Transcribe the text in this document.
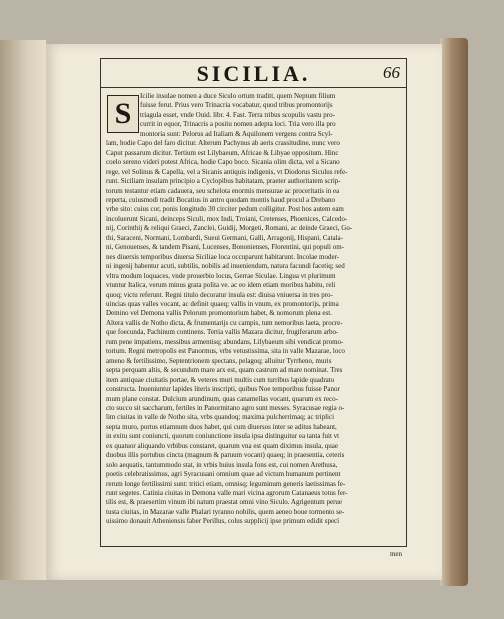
SICILIA.	66
S
Icilie insulae nomen a duce Siculo ortum traditt, quem Neptum filium
fuisse ferut. Prius vero Trinacria vocabatur, quod tribus promontorijs
triagula esset, vnde Ouid. libr. 4. Fast. Terra tribus scopulis vastu pro-
currit in equor, Trinacris a positu nomen adepta loci. Tria vero illa pro
montoria sunt: Pelorus ad Italiam & Aquilonem vergens contra Scyl-
lam, hodie Capo del faro dicitur. Alterum Pachynus ab aeris crassitudine, nunc vero
Caput passarum dicitur. Tertium est Lilybaeum, Africae & Libyae oppositum. Hinc
coelo sereno videri potest Africa, hodie Capo boco. Sicania olim dicta, vel a Sicano
rege, vel Solinus & Capella, vel a Sicanis antiquis indigenis, vt Diodorus Siculus refe-
runt. Siciliam insulam principio a Cyclopibus habitatam, praeter authoritatem scrip-
torum testantur etiam cadauera, seu schelota enormis mensurae ac proceritatis in ea
reperta, cuiusmodi tradit Bocatius in antro quodam montis haud procul a Drebano
vrbe sito: cuius cor, ponis longitudo 30 circiter pedum colligitur. Post hos autem eam
incoluerunt Sicani, deinceps Siculi, mox Indi, Troiani, Cretenses, Phoenices, Calcedo-
nij, Corinthij & reliqui Graeci, Zanclei, Guidij, Morgeti, Romani, ac deinde Graeci, Go-
thi, Saraceni, Normani, Lombardi, Sueui Germani, Galli, Arragonij, Hispani, Catala-
ni, Genouenses, & tandem Pisani, Lucenses, Bononienses, Florentini, qui populi om-
nes diuersis temporibus diuersa Siciliae loca occuparunt habitarunt. Incolae moder-
ni ingenij habentur acuti, subtilis, nobilis ad inueniendum, natura facundi facetiq; sed
vltra modum loquaces, vnde prouerbio locus, Gerrae Siculae. Lingua vt plurimum
vtuntur Italica, verum minus grata polita ve. ac eo idem etiam moribus habitu, reli
quoq; victu referunt. Regni titulo decoratur insula est: diuisa vniuersa in tres pro-
uincias quas valles vocant, ac definit quaeq; vallis in vnum, ex promontorijs, prima
Demino vel Demona vallis Pelorum promontorium habet, & nomorum plena est.
Altera vallis de Notho dicta, & frumentarijs cu campis, tum nemoribus laeta, procre-
que foecunda, Pachinum continens. Tertia vallis Mazara dicitur, frugiferarum arbo-
rum pene impatiens, messibus armentisq; abundans, Lilybaeum sibi vendicat promo-
torium. Regni metropolis est Panormus, vrbs vetustissima, sita in valle Mazarae, loco
ameno & fertilissimo, Septentrionem spectans, pelagoq; alluitur Tyrrheno, muris
septa perquam altis, & secundum mare arx est, quam castrum ad mare nominat. Tres
item antiquae ciuitatis portae, & veteres muri multis cum turribus lapide quadrato
constructa. Inueniuntur lapides literis inscripti, quibus Noe temporibus fuisse Panor
mum plane constat. Dulcium arundinum, quas canamellas vocant, quarum ex reco-
cto succo sit saccharum, fertiles in Panormitano agro sunt messes. Syracusae regia o-
lim ciuitas in valle de Notho sita, vrbs quandoq; maxima pulcherrimaq; ac triplici
septa muro, portus etiamnum duos habet, qui cum diuersos inter se aditus habeant,
in exitu sunt coniuncti, quorum coniunctione insula ipsa distinguitur ea tanta fuit vt
ex quatuor aliquando vrbibus constaret, quarum vna est quam diximus insula, quae
duobus illis portubus cincta (magnum & paruum vocant) quaeq; in praesentia, ceteris
solo aequatis, tantummodo stat, in vrbis huius insula fons est, cui nomen Arethusa,
poetis celebratissimus, agri Syracusani omnium quae ad victum humanum pertinent
rerum longe fertilissimi sunt: tritici etiam, omnisq; leguminum generis laetissimas fe-
runt segetes. Catinia ciuitas in Demona valle mari vicina agrorum Catanaeus totus fer-
tilis est, & praesertim vinum ibi natum praestat omni vino Siculo. Agrigentum perue
tusta ciuitas, in Mazarae valle Phalari tyranno nobilis, quem aeneo boue tormento se-
uissimo donauit Atheniensis faber Perillus, colus supplicij ipse primum edidit specì
men
